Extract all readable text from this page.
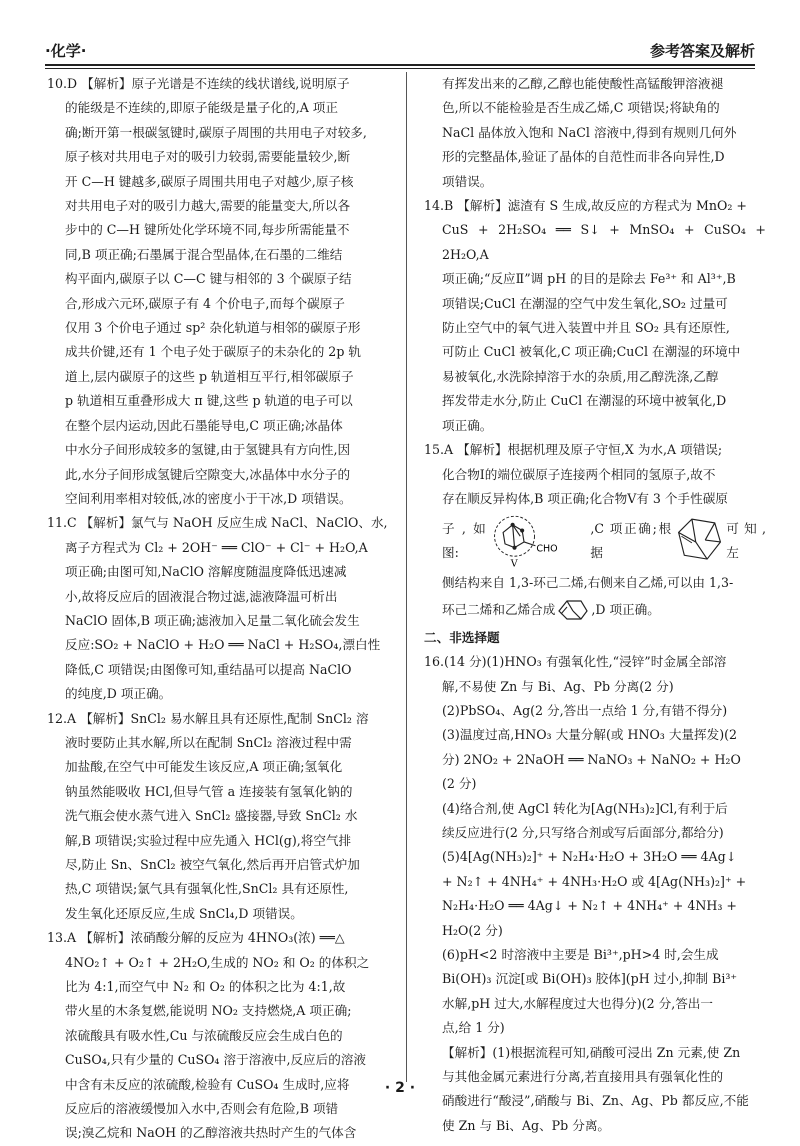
·化学·	参考答案及解析

10.D 【解析】原子光谱是不连续的线状谱线,说明原子

的能级是不连续的,即原子能级是量子化的,A 项正

确;断开第一根碳氢键时,碳原子周围的共用电子对较多,

原子核对共用电子对的吸引力较弱,需要能量较少,断

开 C—H 键越多,碳原子周围共用电子对越少,原子核

对共用电子对的吸引力越大,需要的能量变大,所以各

步中的 C—H 键所处化学环境不同,每步所需能量不

同,B 项正确;石墨属于混合型晶体,在石墨的二维结

构平面内,碳原子以 C—C 键与相邻的 3 个碳原子结

合,形成六元环,碳原子有 4 个价电子,而每个碳原子

仅用 3 个价电子通过 sp² 杂化轨道与相邻的碳原子形

成共价键,还有 1 个电子处于碳原子的未杂化的 2p 轨

道上,层内碳原子的这些 p 轨道相互平行,相邻碳原子

p 轨道相互重叠形成大 π 键,这些 p 轨道的电子可以

在整个层内运动,因此石墨能导电,C 项正确;冰晶体

中水分子间形成较多的氢键,由于氢键具有方向性,因

此,水分子间形成氢键后空隙变大,冰晶体中水分子的

空间利用率相对较低,冰的密度小于干冰,D 项错误。

11.C 【解析】氯气与 NaOH 反应生成 NaCl、NaClO、水,

离子方程式为 Cl₂ + 2OH⁻ ══ ClO⁻ + Cl⁻ + H₂O,A

项正确;由图可知,NaClO 溶解度随温度降低迅速减

小,故将反应后的固液混合物过滤,滤液降温可析出

NaClO 固体,B 项正确;滤液加入足量二氧化硫会发生

反应:SO₂ + NaClO + H₂O ══ NaCl + H₂SO₄,漂白性

降低,C 项错误;由图像可知,重结晶可以提高 NaClO

的纯度,D 项正确。

12.A 【解析】SnCl₂ 易水解且具有还原性,配制 SnCl₂ 溶

液时要防止其水解,所以在配制 SnCl₂ 溶液过程中需

加盐酸,在空气中可能发生该反应,A 项正确;氢氧化

钠虽然能吸收 HCl,但导气管 a 连接装有氢氧化钠的

洗气瓶会使水蒸气进入 SnCl₂ 盛接器,导致 SnCl₂ 水

解,B 项错误;实验过程中应先通入 HCl(g),将空气排

尽,防止 Sn、SnCl₂ 被空气氧化,然后再开启管式炉加

热,C 项错误;氯气具有强氧化性,SnCl₂ 具有还原性,

发生氧化还原反应,生成 SnCl₄,D 项错误。

13.A 【解析】浓硝酸分解的反应为 4HNO₃(浓) ══△

4NO₂↑ + O₂↑ + 2H₂O,生成的 NO₂ 和 O₂ 的体积之

比为 4:1,而空气中 N₂ 和 O₂ 的体积之比为 4:1,故

带火星的木条复燃,能说明 NO₂ 支持燃烧,A 项正确;

浓硫酸具有吸水性,Cu 与浓硫酸反应会生成白色的

CuSO₄,只有少量的 CuSO₄ 溶于溶液中,反应后的溶液

中含有未反应的浓硫酸,检验有 CuSO₄ 生成时,应将

反应后的溶液缓慢加入水中,否则会有危险,B 项错

误;溴乙烷和 NaOH 的乙醇溶液共热时产生的气体含

有挥发出来的乙醇,乙醇也能使酸性高锰酸钾溶液褪

色,所以不能检验是否生成乙烯,C 项错误;将缺角的

NaCl 晶体放入饱和 NaCl 溶液中,得到有规则几何外

形的完整晶体,验证了晶体的自范性而非各向异性,D

项错误。

14.B 【解析】滤渣有 S 生成,故反应的方程式为 MnO₂ +

CuS + 2H₂SO₄ ══ S↓ + MnSO₄ + CuSO₄ + 2H₂O,A

项正确;“反应Ⅱ”调 pH 的目的是除去 Fe³⁺ 和 Al³⁺,B

项错误;CuCl 在潮湿的空气中发生氧化,SO₂ 过量可

防止空气中的氧气进入装置中并且 SO₂ 具有还原性,

可防止 CuCl 被氧化,C 项正确;CuCl 在潮湿的环境中

易被氧化,水洗除掉溶于水的杂质,用乙醇洗涤,乙醇

挥发带走水分,防止 CuCl 在潮湿的环境中被氧化,D

项正确。

15.A 【解析】根据机理及原子守恒,X 为水,A 项错误;

化合物Ⅰ的端位碳原子连接两个相同的氢原子,故不

存在顺反异构体,B 项正确;化合物Ⅴ有 3 个手性碳原

子,如图:	CHO
V
,C 项正确;根据
可知,左

侧结构来自 1,3-环己二烯,右侧来自乙烯,可以由 1,3-

环己二烯和乙烯合成	,D 项正确。

二、非选择题

16.(14 分)(1)HNO₃ 有强氧化性,“浸锌”时金属全部溶

解,不易使 Zn 与 Bi、Ag、Pb 分离(2 分)

(2)PbSO₄、Ag(2 分,答出一点给 1 分,有错不得分)

(3)温度过高,HNO₃ 大量分解(或 HNO₃ 大量挥发)(2

分) 2NO₂ + 2NaOH ══ NaNO₃ + NaNO₂ + H₂O

(2 分)

(4)络合剂,使 AgCl 转化为[Ag(NH₃)₂]Cl,有利于后

续反应进行(2 分,只写络合剂或写后面部分,都给分)

(5)4[Ag(NH₃)₂]⁺ + N₂H₄·H₂O + 3H₂O ══ 4Ag↓

+ N₂↑ + 4NH₄⁺ + 4NH₃·H₂O 或 4[Ag(NH₃)₂]⁺ +

N₂H₄·H₂O ══ 4Ag↓ + N₂↑ + 4NH₄⁺ + 4NH₃ +

H₂O(2 分)

(6)pH<2 时溶液中主要是 Bi³⁺,pH>4 时,会生成

Bi(OH)₃ 沉淀[或 Bi(OH)₃ 胶体](pH 过小,抑制 Bi³⁺

水解,pH 过大,水解程度过大也得分)(2 分,答出一

点,给 1 分)

【解析】(1)根据流程可知,硝酸可浸出 Zn 元素,使 Zn

与其他金属元素进行分离,若直接用具有强氧化性的

硝酸进行“酸浸”,硝酸与 Bi、Zn、Ag、Pb 都反应,不能

使 Zn 与 Bi、Ag、Pb 分离。

· 2 ·
